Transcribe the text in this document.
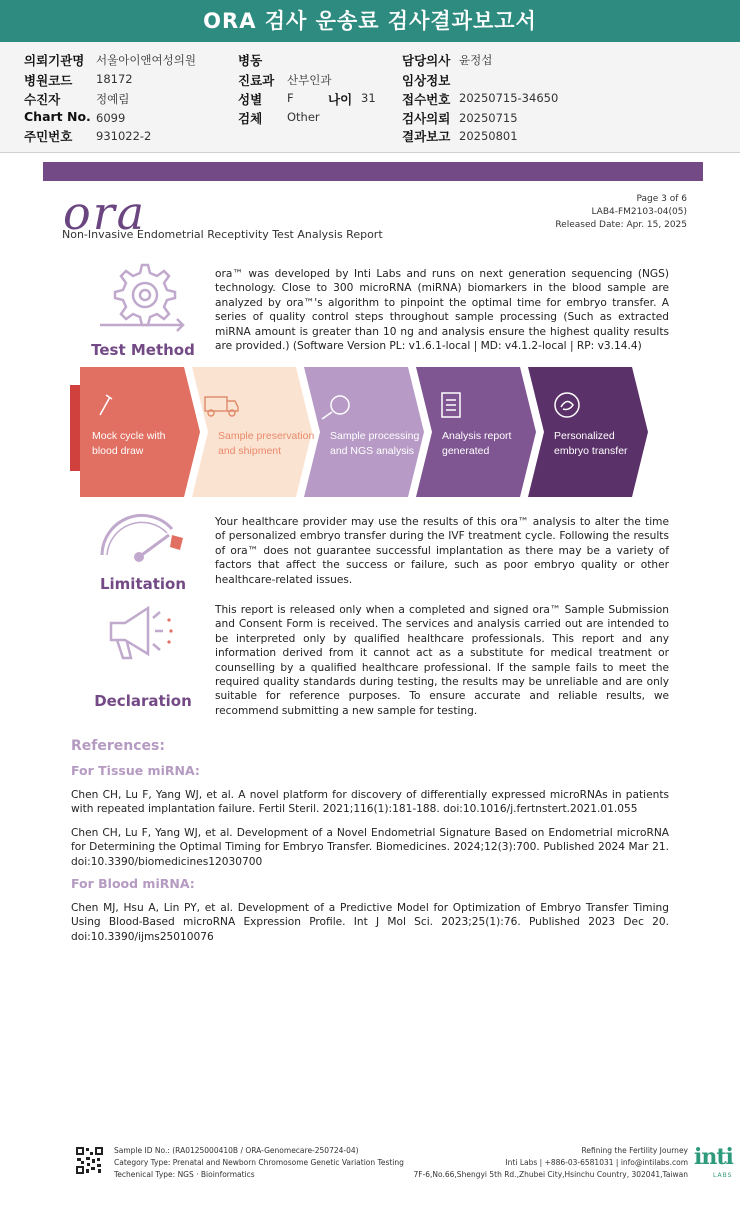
ORA 검사 운송료 검사결과보고서
의뢰기관명 서울아이앤여성의원
병원코드 18172
수진자	정예림
Chart No. 6099
주민번호 931022-2
병동
진료과 산부인과
성별 F	나이 31
검체 Other
담당의사 윤정섭
임상정보
접수번호 20250715-34650
검사의뢰 20250715
결과보고 20250801
ora
Non-Invasive Endometrial Receptivity Test Analysis Report
Page 3 of 6
LAB4-FM2103-04(05)
Released Date: Apr. 15, 2025
Test Method
ora™ was developed by Inti Labs and runs on next generation sequencing (NGS) technology. Close to 300 microRNA (miRNA) biomarkers in the blood sample are analyzed by ora™'s algorithm to pinpoint the optimal time for embryo transfer. A series of quality control steps throughout sample processing (Such as extracted miRNA amount is greater than 10 ng and analysis ensure the highest quality results are provided.) (Software Version PL: v1.6.1-local | MD: v4.1.2-local | RP: v3.14.4)
Mock cycle with blood draw
Sample preservation and shipment
Sample processing and NGS analysis
Analysis report generated
Personalized embryo transfer
Limitation
Your healthcare provider may use the results of this ora™ analysis to alter the time of personalized embryo transfer during the IVF treatment cycle. Following the results of ora™ does not guarantee successful implantation as there may be a variety of factors that affect the success or failure, such as poor embryo quality or other healthcare-related issues.
Declaration
This report is released only when a completed and signed ora™ Sample Submission and Consent Form is received. The services and analysis carried out are intended to be interpreted only by qualified healthcare professionals. This report and any information derived from it cannot act as a substitute for medical treatment or counselling by a qualified healthcare professional. If the sample fails to meet the required quality standards during testing, the results may be unreliable and are only suitable for reference purposes. To ensure accurate and reliable results, we recommend submitting a new sample for testing.
References:
For Tissue miRNA:
Chen CH, Lu F, Yang WJ, et al. A novel platform for discovery of differentially expressed microRNAs in patients with repeated implantation failure. Fertil Steril. 2021;116(1):181-188. doi:10.1016/j.fertnstert.2021.01.055
Chen CH, Lu F, Yang WJ, et al. Development of a Novel Endometrial Signature Based on Endometrial microRNA for Determining the Optimal Timing for Embryo Transfer. Biomedicines. 2024;12(3):700. Published 2024 Mar 21. doi:10.3390/biomedicines12030700
For Blood miRNA:
Chen MJ, Hsu A, Lin PY, et al. Development of a Predictive Model for Optimization of Embryo Transfer Timing Using Blood-Based microRNA Expression Profile. Int J Mol Sci. 2023;25(1):76. Published 2023 Dec 20. doi:10.3390/ijms25010076
Sample ID No.: (RA0125000410B / ORA-Genomecare-250724-04)
Category Type: Prenatal and Newborn Chromosome Genetic Variation Testing
Techenical Type: NGS · Bioinformatics
Refining the Fertility Journey
Inti Labs | +886-03-6581031 | info@intilabs.com
7F-6,No.66,Shengyi 5th Rd.,Zhubei City,Hsinchu Country, 302041,Taiwan
inti
LABS
